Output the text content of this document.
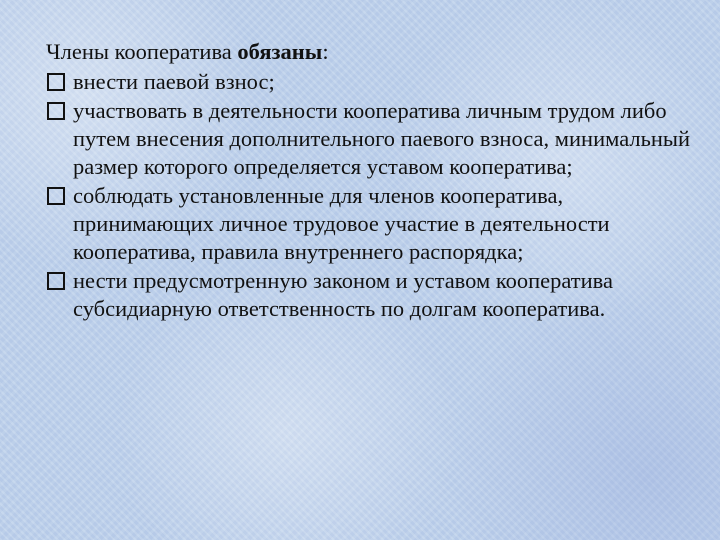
Члены кооператива обязаны:

внести паевой взнос;
участвовать в деятельности кооператива личным трудом либо путем внесения дополнительного паевого взноса, минимальный размер которого определяется уставом кооператива;
соблюдать установленные для членов кооператива, принимающих личное трудовое участие в деятельности кооператива, правила внутреннего распорядка;
нести предусмотренную законом и уставом кооператива субсидиарную ответственность по долгам кооператива.
